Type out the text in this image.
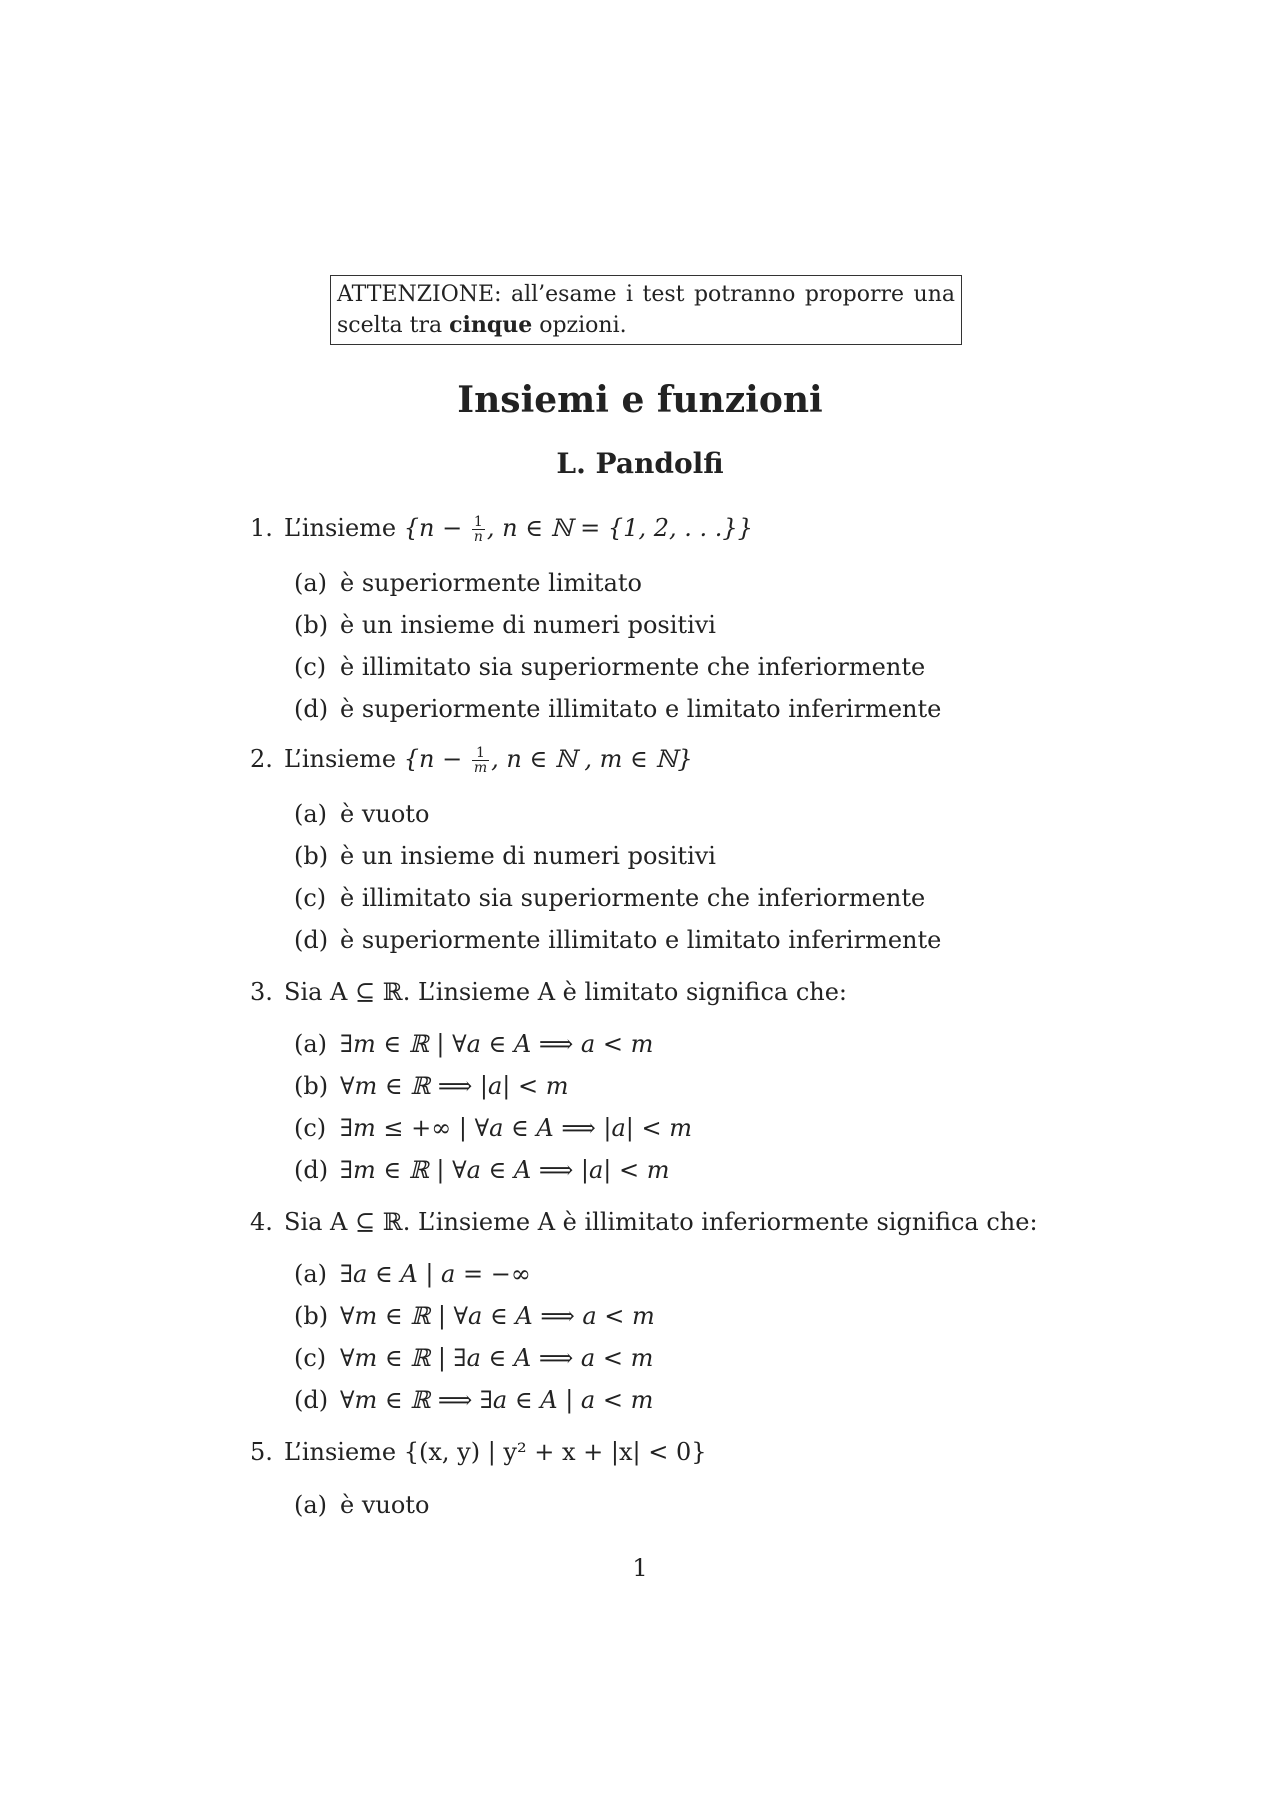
ATTENZIONE: all’esame i test potranno proporre una scelta tra cinque opzioni.
Insiemi e funzioni
L. Pandolfi
1. L’insieme {$n - \frac{1}{n}$ , n ∈ ℕ = {1, 2, . . .}}
(a) è superiormente limitato
(b) è un insieme di numeri positivi
(c) è illimitato sia superiormente che inferiormente
(d) è superiormente illimitato e limitato inferirmente
2. L’insieme {$n - \frac{1}{m}$ , n ∈ ℕ , m ∈ ℕ}
(a) è vuoto
(b) è un insieme di numeri positivi
(c) è illimitato sia superiormente che inferiormente
(d) è superiormente illimitato e limitato inferirmente
3. Sia A ⊆ ℝ. L’insieme A è limitato significa che:
(a) ∃m ∈ ℝ | ∀a ∈ A ⟹ a < m
(b) ∀m ∈ ℝ ⟹ |a| < m
(c) ∃m ≤ +∞ | ∀a ∈ A ⟹ |a| < m
(d) ∃m ∈ ℝ | ∀a ∈ A ⟹ |a| < m
4. Sia A ⊆ ℝ. L’insieme A è illimitato inferiormente significa che:
(a) ∃a ∈ A | a = −∞
(b) ∀m ∈ ℝ | ∀a ∈ A ⟹ a < m
(c) ∀m ∈ ℝ | ∃a ∈ A ⟹ a < m
(d) ∀m ∈ ℝ ⟹ ∃a ∈ A | a < m
5. L’insieme {(x, y) | y² + x + |x| < 0}
(a) è vuoto
1
